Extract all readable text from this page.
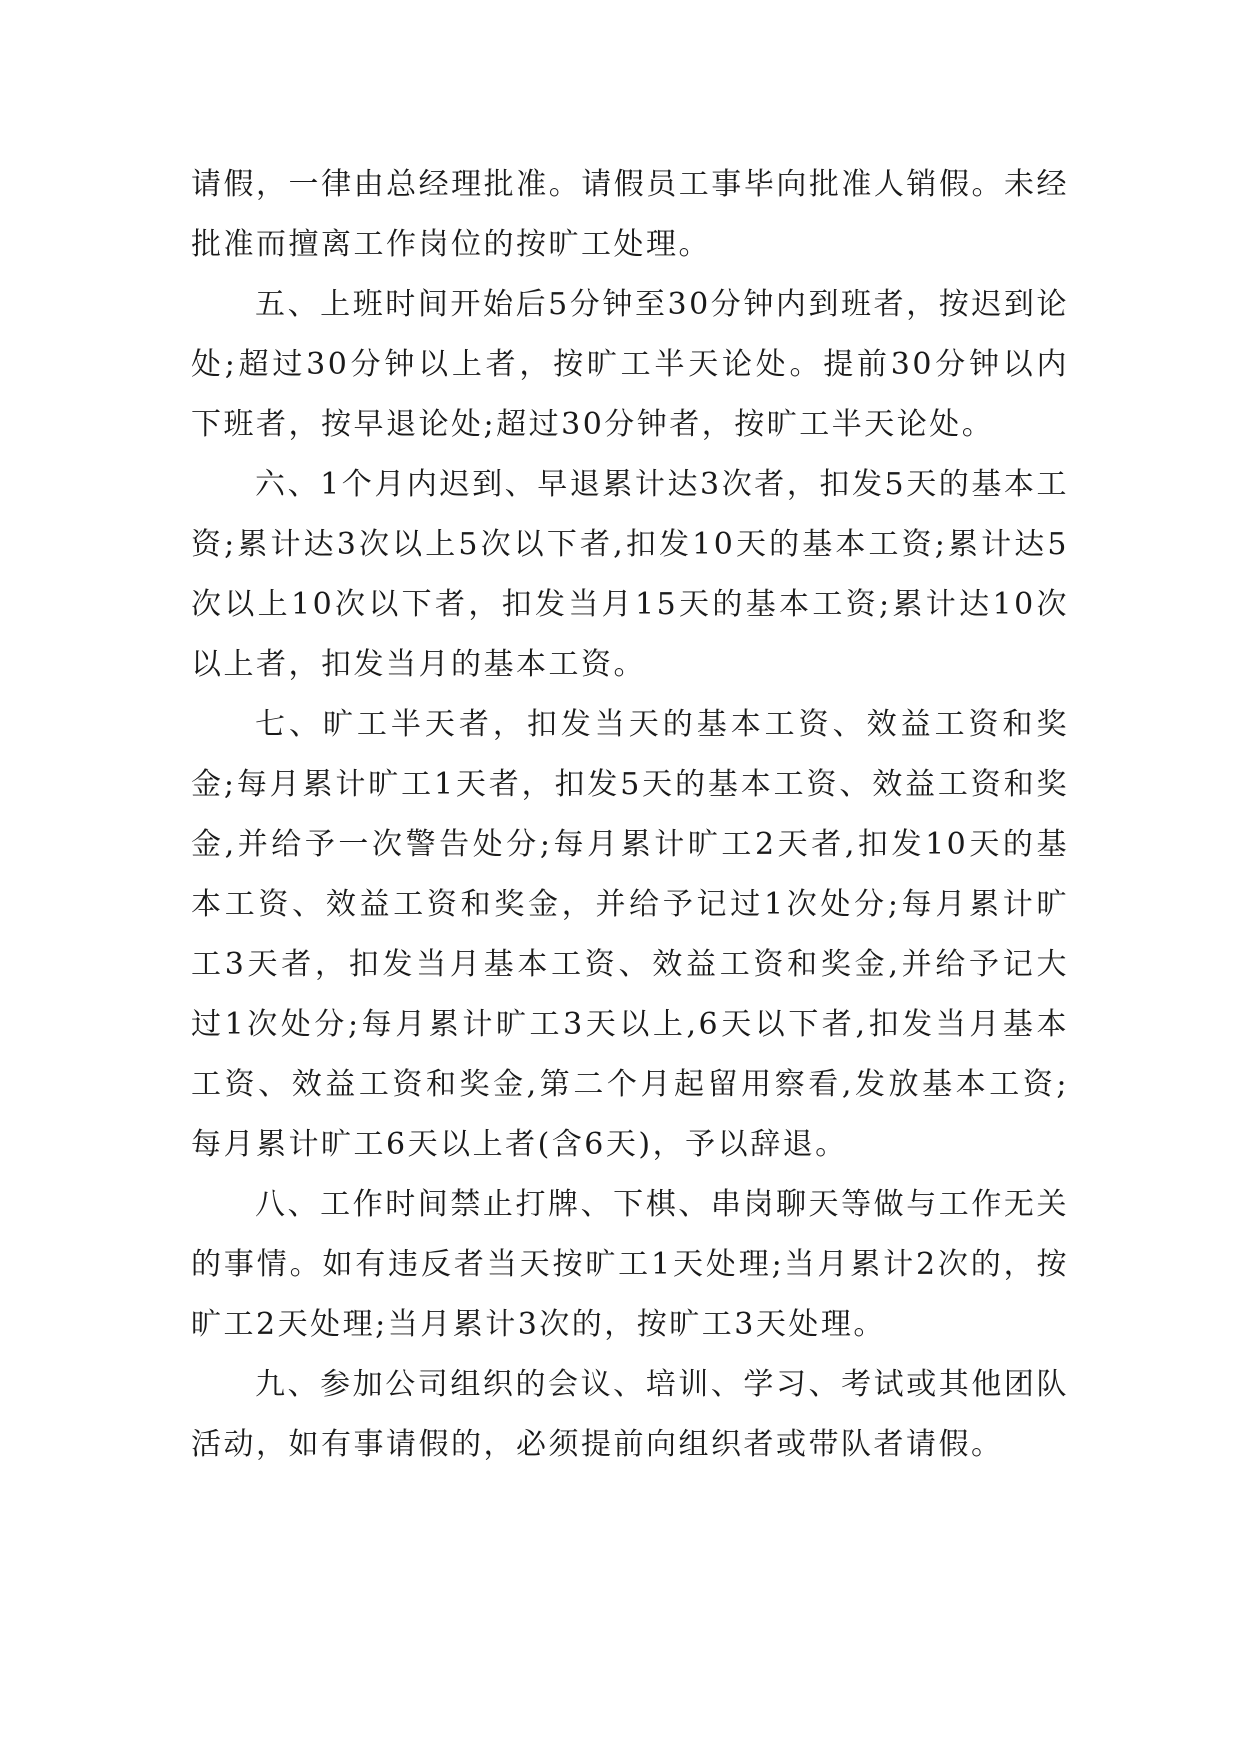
请假，一律由总经理批准。请假员工事毕向批准人销假。未经批准而擅离工作岗位的按旷工处理。

五、上班时间开始后5分钟至30分钟内到班者，按迟到论处;超过30分钟以上者，按旷工半天论处。提前30分钟以内下班者，按早退论处;超过30分钟者，按旷工半天论处。

六、1个月内迟到、早退累计达3次者，扣发5天的基本工资;累计达3次以上5次以下者,扣发10天的基本工资;累计达5次以上10次以下者，扣发当月15天的基本工资;累计达10次以上者，扣发当月的基本工资。

七、旷工半天者，扣发当天的基本工资、效益工资和奖金;每月累计旷工1天者，扣发5天的基本工资、效益工资和奖金,并给予一次警告处分;每月累计旷工2天者,扣发10天的基本工资、效益工资和奖金，并给予记过1次处分;每月累计旷工3天者，扣发当月基本工资、效益工资和奖金,并给予记大过1次处分;每月累计旷工3天以上,6天以下者,扣发当月基本工资、效益工资和奖金,第二个月起留用察看,发放基本工资;每月累计旷工6天以上者(含6天)，予以辞退。

八、工作时间禁止打牌、下棋、串岗聊天等做与工作无关的事情。如有违反者当天按旷工1天处理;当月累计2次的，按旷工2天处理;当月累计3次的，按旷工3天处理。

九、参加公司组织的会议、培训、学习、考试或其他团队活动，如有事请假的，必须提前向组织者或带队者请假。
